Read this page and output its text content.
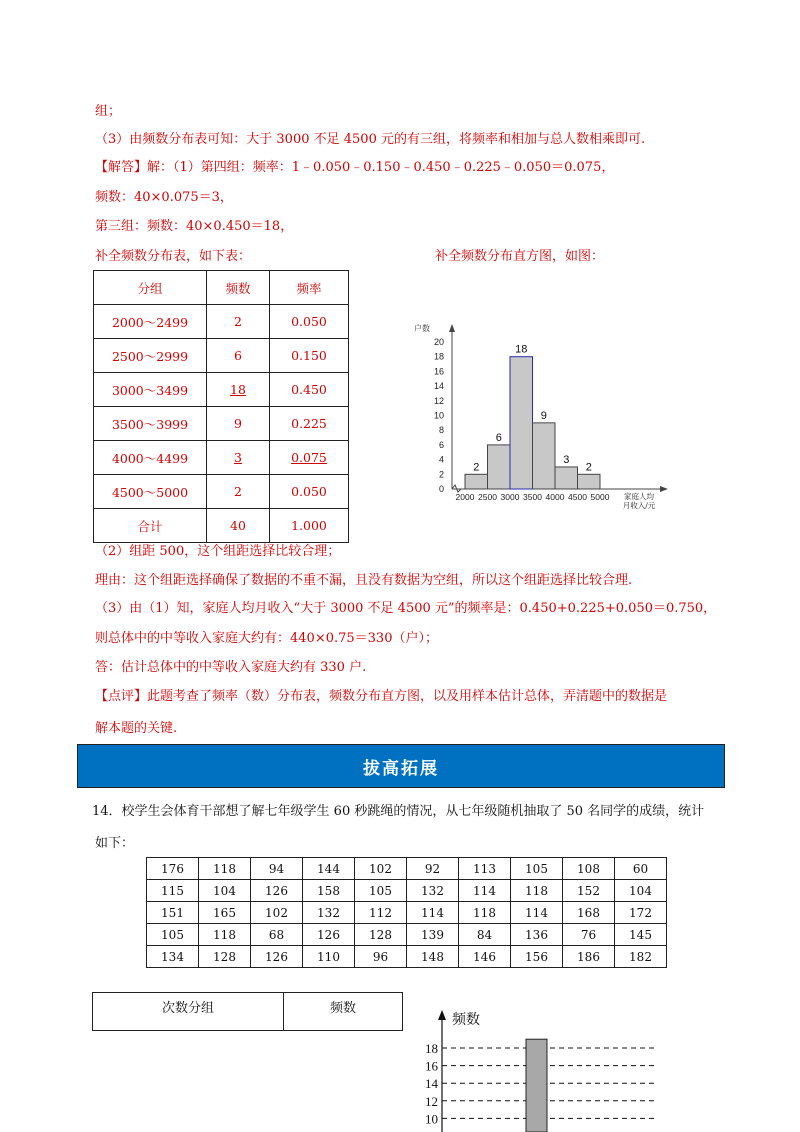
组；
（3）由频数分布表可知：大于 3000 不足 4500 元的有三组，将频率和相加与总人数相乘即可.
【解答】解：（1）第四组：频率：1﹣0.050﹣0.150﹣0.450﹣0.225﹣0.050＝0.075，
频数：40×0.075＝3，
第三组：频数：40×0.450＝18，
补全频数分布表，如下表：	补全频数分布直方图，如图：
分组	频数	频率
2000～2499	2	0.050
2500～2999	6	0.150
3000～3499	18	0.450
3500～3999	9	0.225
4000～4499	3	0.075
4500～5000	2	0.050
合计	40	1.000
户数
0
2
4
6
8
10
12
14
16
18
20
2
6
18
9
3
2
2000 2500 3000 3500 4000 4500 5000 家庭人均
月收入/元
（2）组距 500，这个组距选择比较合理；
理由：这个组距选择确保了数据的不重不漏，且没有数据为空组，所以这个组距选择比较合理.
（3）由（1）知，家庭人均月收入“大于 3000 不足 4500 元”的频率是：0.450+0.225+0.050＝0.750，
则总体中的中等收入家庭大约有：440×0.75＝330（户）；
答：估计总体中的中等收入家庭大约有 330 户.
【点评】此题考查了频率（数）分布表，频数分布直方图，以及用样本估计总体，弄清题中的数据是
解本题的关键.
拔高拓展
14．校学生会体育干部想了解七年级学生 60 秒跳绳的情况，从七年级随机抽取了 50 名同学的成绩，统计
如下：
176	118	94	144	102	92	113	105	108	60
115	104	126	158	105	132	114	118	152	104
151	165	102	132	112	114	118	114	168	172
105	118	68	126	128	139	84	136	76	145
134	128	126	110	96	148	146	156	186	182
次数分组	频数
频数
10
12
14
16
18
